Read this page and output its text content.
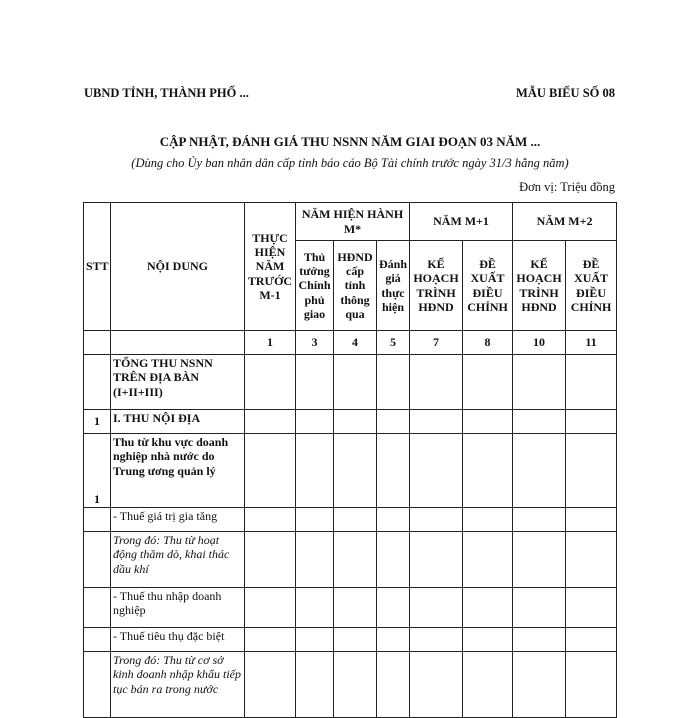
UBND TỈNH, THÀNH PHỐ ...	MẪU BIỂU SỐ 08
CẬP NHẬT, ĐÁNH GIÁ THU NSNN NĂM GIAI ĐOẠN 03 NĂM ...
(Dùng cho Ủy ban nhân dân cấp tỉnh báo cáo Bộ Tài chính trước ngày 31/3 hằng năm)
Đơn vị: Triệu đồng
STT	NỘI DUNG	THỰC HIỆN NĂM TRƯỚC M-1	NĂM HIỆN HÀNH M*			NĂM M+1		NĂM M+2	
			Thủ tướng Chính phủ giao	HĐND cấp tỉnh thông qua	Đánh giá thực hiện	KẾ HOẠCH TRÌNH HĐND	ĐỀ XUẤT ĐIỀU CHỈNH	KẾ HOẠCH TRÌNH HĐND	ĐỀ XUẤT ĐIỀU CHỈNH
		1	3	4	5	7	8	10	11
	TỔNG THU NSNN TRÊN ĐỊA BÀN (I+II+III)								
1	I. THU NỘI ĐỊA								
1	Thu từ khu vực doanh nghiệp nhà nước do Trung ương quản lý								
	- Thuế giá trị gia tăng								
	Trong đó: Thu từ hoạt động thăm dò, khai thác dầu khí								
	- Thuế thu nhập doanh nghiệp								
	- Thuế tiêu thụ đặc biệt								
	Trong đó: Thu từ cơ sở kinh doanh nhập khẩu tiếp tục bán ra trong nước								
